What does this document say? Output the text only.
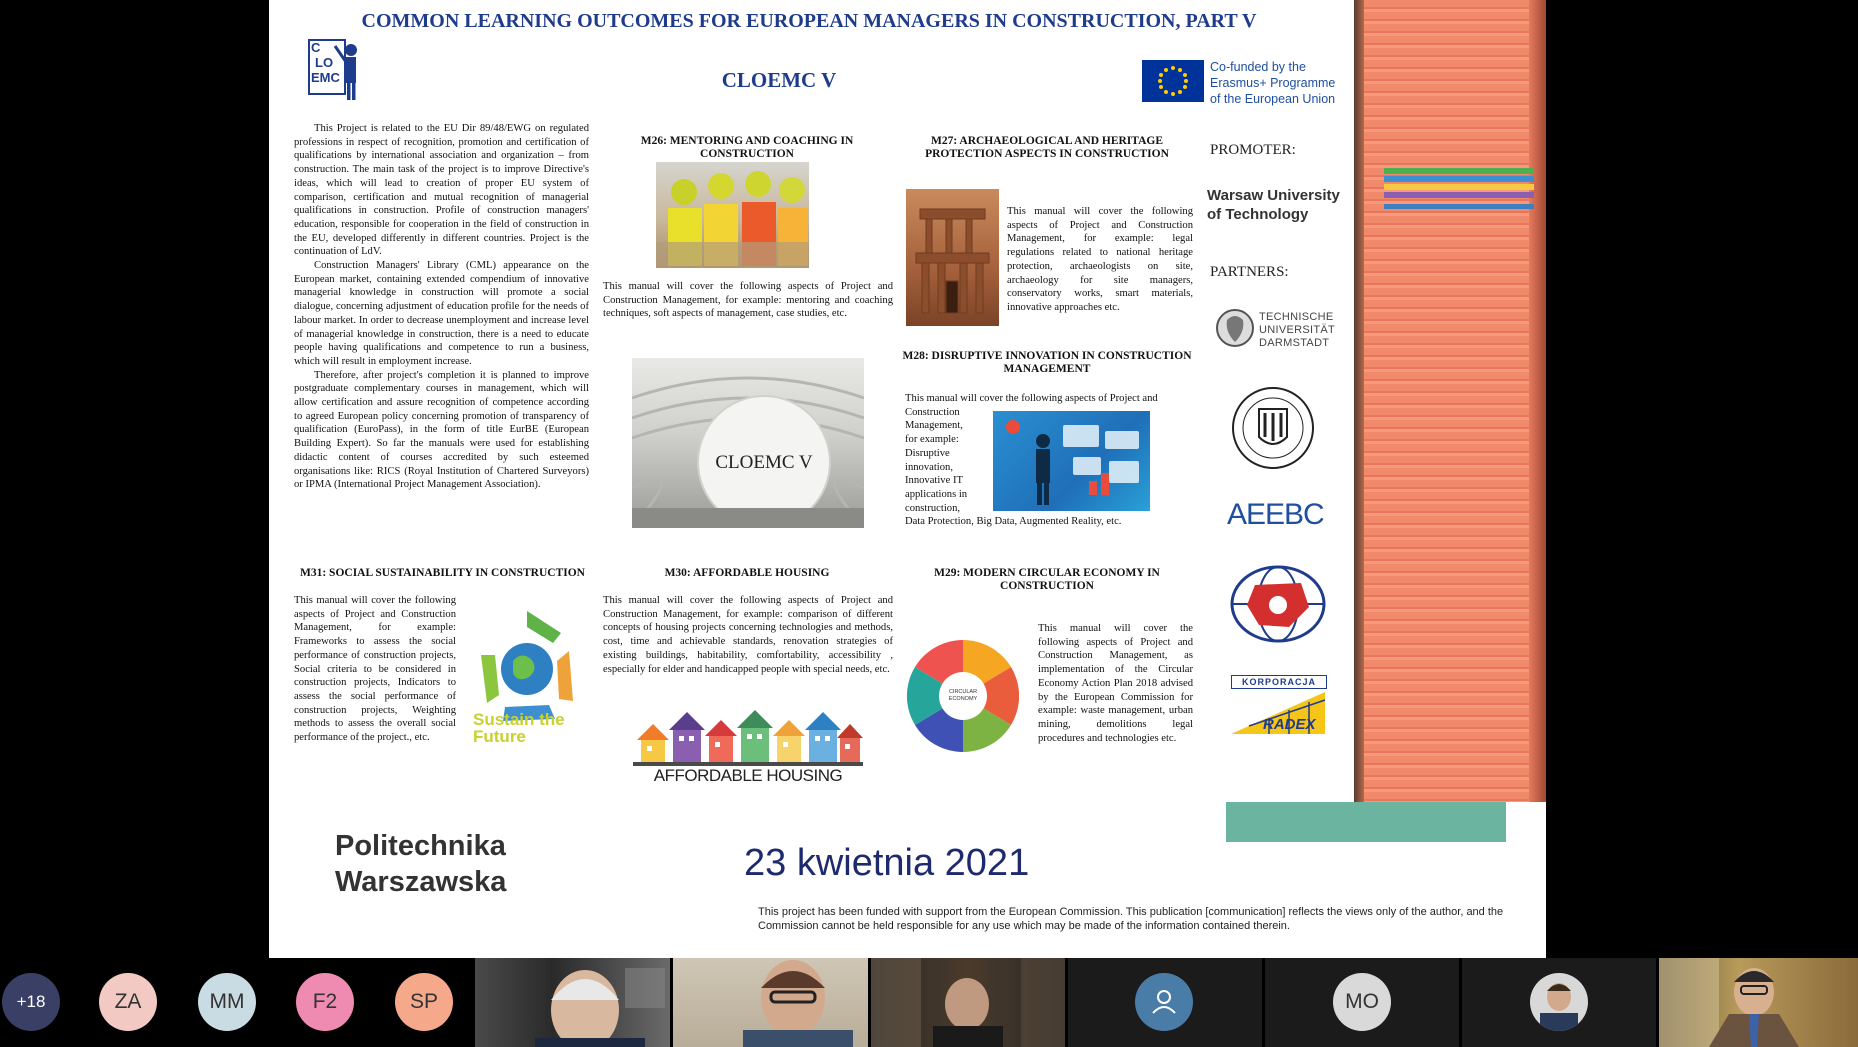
COMMON LEARNING OUTCOMES FOR EUROPEAN MANAGERS IN CONSTRUCTION, PART V
C
LO
EMC	CLOEMC V
Co-funded by the
Erasmus+ Programme
of the European Union

This Project is related to the EU Dir 89/48/EWG on regulated professions in respect of recognition, promotion and certification of qualifications by international association and organization – from construction. The main task of the project is to improve Directive's ideas, which will lead to creation of proper EU system of comparison, certification and mutual recognition of managerial qualifications in construction. Profile of construction managers' education, responsible for cooperation in the field of construction in the EU, developed differently in different countries. Project is the continuation of LdV.

Construction Managers' Library (CML) appearance on the European market, containing extended compendium of innovative managerial knowledge in construction will promote a social dialogue, concerning adjustment of education profile for the needs of labour market. In order to decrease unemployment and increase level of managerial knowledge in construction, there is a need to educate people having qualifications and competence to run a business, which will result in employment increase.

Therefore, after project's completion it is planned to improve postgraduate complementary courses in management, which will allow certification and assure recognition of competence according to agreed European policy concerning promotion of transparency of qualification (EuroPass), in the form of title EurBE (European Building Expert). So far the manuals were used for establishing didactic content of courses accredited by such esteemed organisations like: RICS (Royal Institution of Chartered Surveyors) or IPMA (International Project Management Association).

M26: MENTORING AND COACHING IN CONSTRUCTION
This manual will cover the following aspects of Project and Construction Management, for example: mentoring and coaching techniques, soft aspects of management, case studies, etc.
CLOEMC V
M27: ARCHAEOLOGICAL AND HERITAGE PROTECTION ASPECTS IN CONSTRUCTION
This manual will cover the following aspects of Project and Construction Management, for example: legal regulations related to national heritage protection, archaeologists on site, archaeology for site managers, conservatory works, smart materials, innovative approaches etc.
M28: DISRUPTIVE INNOVATION IN CONSTRUCTION MANAGEMENT
This manual will cover the following aspects of Project and
Construction
Management,
for example:
Disruptive
innovation,
Innovative IT
applications in
construction,
Data Protection, Big Data, Augmented Reality, etc.
M31: SOCIAL SUSTAINABILITY IN CONSTRUCTION
This manual will cover the following aspects of Project and Construction Management, for example: Frameworks to assess the social performance of construction projects, Social criteria to be considered in construction projects, Indicators to assess the social performance of construction projects, Weighting methods to assess the overall social performance of the project., etc.
Sustain the Future
M30: AFFORDABLE HOUSING
This manual will cover the following aspects of Project and Construction Management, for example: comparison of different concepts of housing projects concerning technologies and methods, cost, time and achievable standards, renovation strategies of existing buildings, habitability, comfortability, accessibility , especially for elder and handicapped people with special needs, etc.
AFFORDABLE HOUSING
M29: MODERN CIRCULAR ECONOMY IN CONSTRUCTION
CIRCULAR ECONOMY
This manual will cover the following aspects of Project and Construction Management, as implementation of the Circular Economy Action Plan 2018 advised by the European Commission for example: waste management, urban mining, demolitions legal procedures and technologies etc.
PROMOTER:
Warsaw University
of Technology
PARTNERS:
TECHNISCHE
UNIVERSITÄT
DARMSTADT
AEEBC
KORPORACJA
RADEX
Politechnika
Warszawska	23 kwietnia 2021
This project has been funded with support from the European Commission. This publication [communication] reflects the views only of the author, and the Commission cannot be held responsible for any use which may be made of the information contained therein.
+18	ZA	MM	F2	SP	MO
